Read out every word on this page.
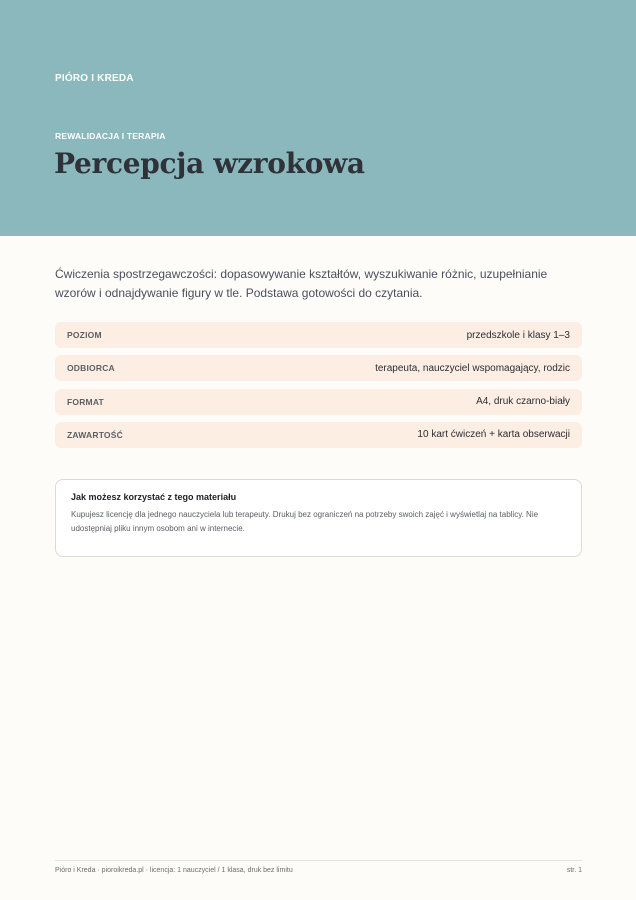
PIÓRO I KREDA
REWALIDACJA I TERAPIA
Percepcja wzrokowa

Ćwiczenia spostrzegawczości: dopasowywanie kształtów, wyszukiwanie różnic, uzupełnianie wzorów i odnajdywanie figury w tle. Podstawa gotowości do czytania.

POZIOM	przedszkole i klasy 1–3
ODBIORCA	terapeuta, nauczyciel wspomagający, rodzic
FORMAT	A4, druk czarno-biały
ZAWARTOŚĆ	10 kart ćwiczeń + karta obserwacji

Jak możesz korzystać z tego materiału

Kupujesz licencję dla jednego nauczyciela lub terapeuty. Drukuj bez ograniczeń na potrzeby swoich zajęć i wyświetlaj na tablicy. Nie udostępniaj pliku innym osobom ani w internecie.

Pióro i Kreda · pioroikreda.pl · licencja: 1 nauczyciel / 1 klasa, druk bez limitu	str. 1
